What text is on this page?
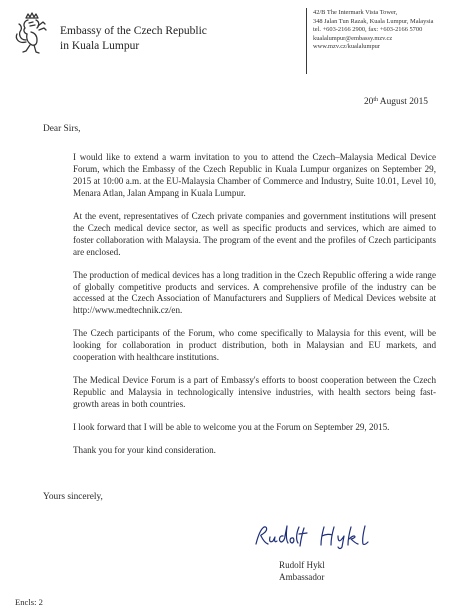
Embassy of the Czech Republic
in Kuala Lumpur
42/B The Intermark Vista Tower,
348 Jalan Tun Razak, Kuala Lumpur, Malaysia
tel. +603-2166 2900, fax: +603-2166 5700
kualalumpur@embassy.mzv.cz
www.mzv.cz/kualalumpur
20th August 2015
Dear Sirs,

I would like to extend a warm invitation to you to attend the Czech–Malaysia Medical Device Forum, which the Embassy of the Czech Republic in Kuala Lumpur organizes on September 29, 2015 at 10:00 a.m. at the EU-Malaysia Chamber of Commerce and Industry, Suite 10.01, Level 10, Menara Atlan, Jalan Ampang in Kuala Lumpur.

At the event, representatives of Czech private companies and government institutions will present the Czech medical device sector, as well as specific products and services, which are aimed to foster collaboration with Malaysia. The program of the event and the profiles of Czech participants are enclosed.

The production of medical devices has a long tradition in the Czech Republic offering a wide range of globally competitive products and services. A comprehensive profile of the industry can be accessed at the Czech Association of Manufacturers and Suppliers of Medical Devices website at http://www.medtechnik.cz/en.

The Czech participants of the Forum, who come specifically to Malaysia for this event, will be looking for collaboration in product distribution, both in Malaysian and EU markets, and cooperation with healthcare institutions.

The Medical Device Forum is a part of Embassy's efforts to boost cooperation between the Czech Republic and Malaysia in technologically intensive industries, with health sectors being fast-growth areas in both countries.

I look forward that I will be able to welcome you at the Forum on September 29, 2015.

Thank you for your kind consideration.

Yours sincerely,
Rudolf Hykl
Ambassador
Encls: 2
